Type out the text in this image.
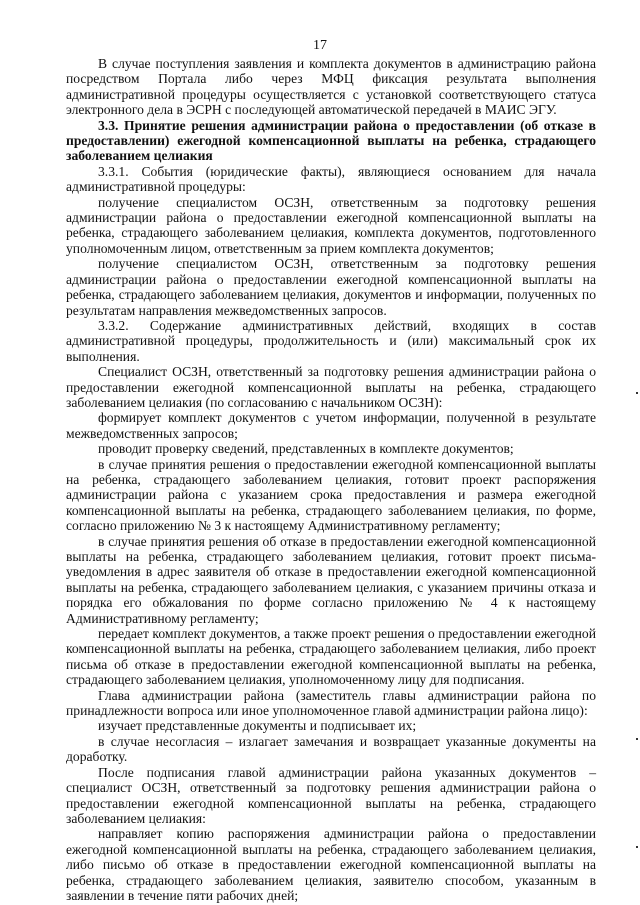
17

В случае поступления заявления и комплекта документов в администрацию района посредством Портала либо через МФЦ фиксация результата выполнения административной процедуры осуществляется с установкой соответствующего статуса электронного дела в ЭСРН с последующей автоматической передачей в МАИС ЭГУ.

3.3. Принятие решения администрации района о предоставлении (об отказе в предоставлении) ежегодной компенсационной выплаты на ребенка, страдающего заболеванием целиакия

3.3.1. События (юридические факты), являющиеся основанием для начала административной процедуры:

получение специалистом ОСЗН, ответственным за подготовку решения администрации района о предоставлении ежегодной компенсационной выплаты на ребенка, страдающего заболеванием целиакия, комплекта документов, подготовленного уполномоченным лицом, ответственным за прием комплекта документов;

получение специалистом ОСЗН, ответственным за подготовку решения администрации района о предоставлении ежегодной компенсационной выплаты на ребенка, страдающего заболеванием целиакия, документов и информации, полученных по результатам направления межведомственных запросов.

3.3.2. Содержание административных действий, входящих в состав административной процедуры, продолжительность и (или) максимальный срок их выполнения.

Специалист ОСЗН, ответственный за подготовку решения администрации района о предоставлении ежегодной компенсационной выплаты на ребенка, страдающего заболеванием целиакия (по согласованию с начальником ОСЗН):

формирует комплект документов с учетом информации, полученной в результате межведомственных запросов;

проводит проверку сведений, представленных в комплекте документов;

в случае принятия решения о предоставлении ежегодной компенсационной выплаты на ребенка, страдающего заболеванием целиакия, готовит проект распоряжения администрации района с указанием срока предоставления и размера ежегодной компенсационной выплаты на ребенка, страдающего заболеванием целиакия, по форме, согласно приложению № 3 к настоящему Административному регламенту;

в случае принятия решения об отказе в предоставлении ежегодной компенсационной выплаты на ребенка, страдающего заболеванием целиакия, готовит проект письма-уведомления в адрес заявителя об отказе в предоставлении ежегодной компенсационной выплаты на ребенка, страдающего заболеванием целиакия, с указанием причины отказа и порядка его обжалования по форме согласно приложению № 4 к настоящему Административному регламенту;

передает комплект документов, а также проект решения о предоставлении ежегодной компенсационной выплаты на ребенка, страдающего заболеванием целиакия, либо проект письма об отказе в предоставлении ежегодной компенсационной выплаты на ребенка, страдающего заболеванием целиакия, уполномоченному лицу для подписания.

Глава администрации района (заместитель главы администрации района по принадлежности вопроса или иное уполномоченное главой администрации района лицо):

изучает представленные документы и подписывает их;

в случае несогласия – излагает замечания и возвращает указанные документы на доработку.

После подписания главой администрации района указанных документов – специалист ОСЗН, ответственный за подготовку решения администрации района о предоставлении ежегодной компенсационной выплаты на ребенка, страдающего заболеванием целиакия:

направляет копию распоряжения администрации района о предоставлении ежегодной компенсационной выплаты на ребенка, страдающего заболеванием целиакия, либо письмо об отказе в предоставлении ежегодной компенсационной выплаты на ребенка, страдающего заболеванием целиакия, заявителю способом, указанным в заявлении в течение пяти рабочих дней;
